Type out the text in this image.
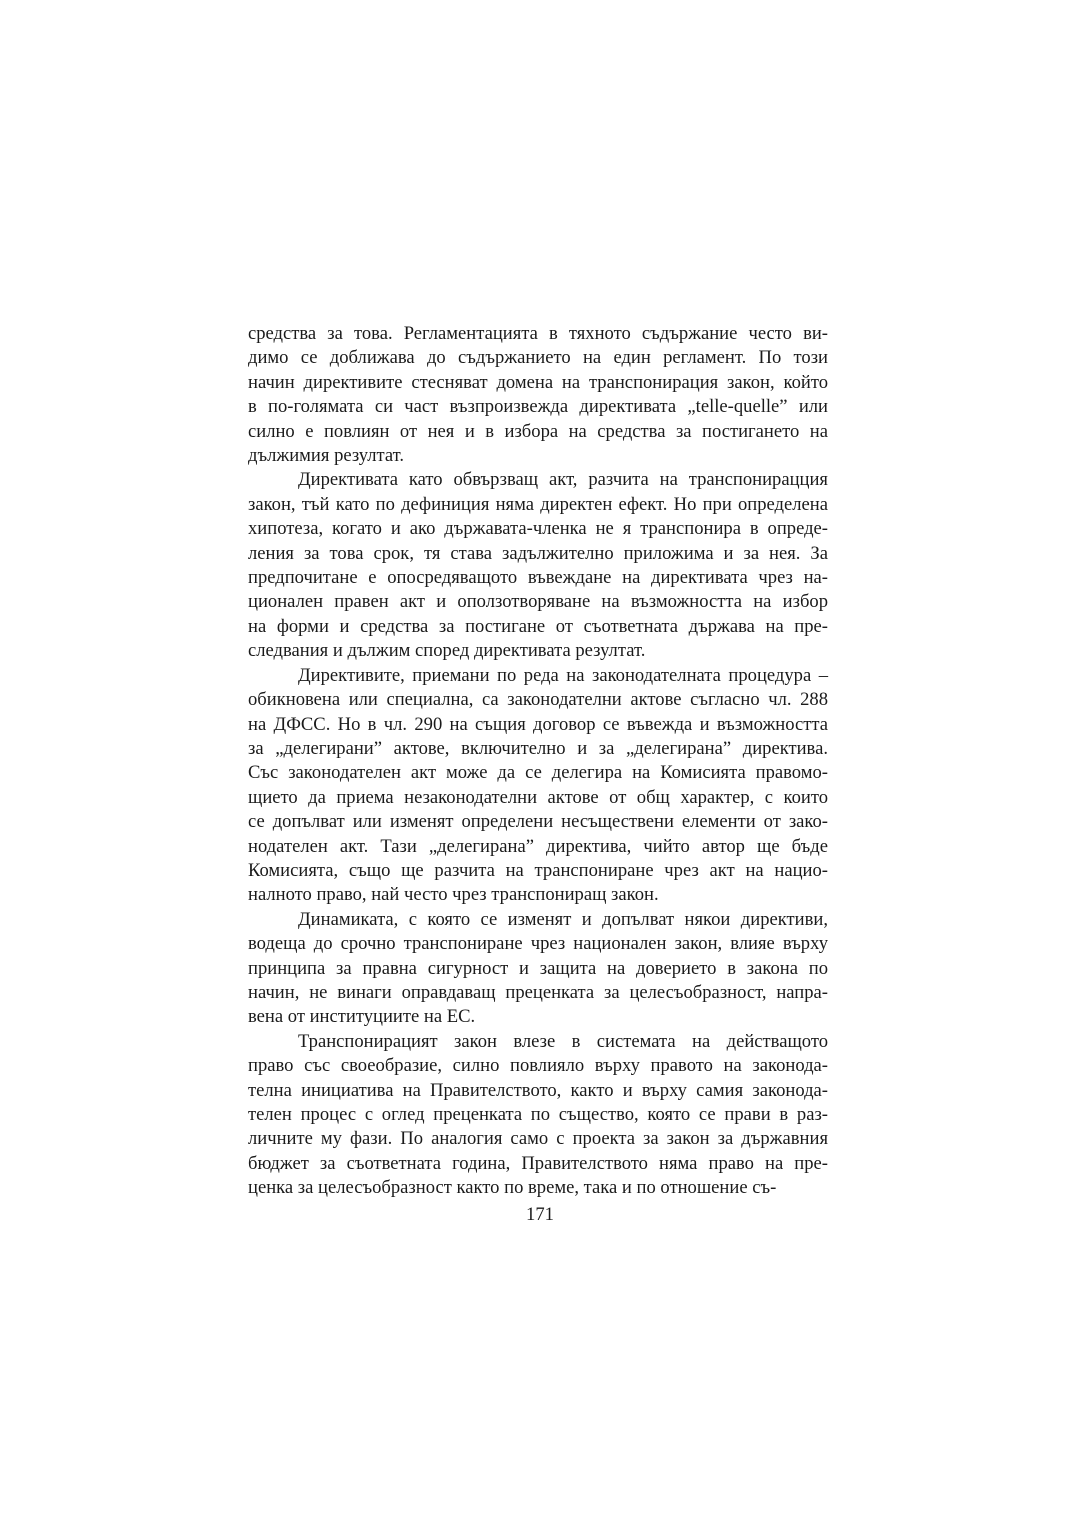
средства за това. Регламентацията в тяхното съдържание често ви-
димо се доближава до съдържанието на един регламент. По този
начин директивите стесняват домена на транспонирация закон, който
в по-голямата си част възпроизвежда директивата „telle-quelle” или
силно е повлиян от нея и в избора на средства за постигането на
дължимия резултат.
Директивата като обвързващ акт, разчита на транспонирацция
закон, тъй като по дефиниция няма директен ефект. Но при определена
хипотеза, когато и ако държавата-членка не я транспонира в опреде-
ления за това срок, тя става задължително приложима и за нея. За
предпочитане е опосредяващото въвеждане на директивата чрез на-
ционален правен акт и оползотворяване на възможността на избор
на форми и средства за постигане от съответната държава на пре-
следвания и дължим според директивата резултат.
Директивите, приемани по реда на законодателната процедура –
обикновена или специална, са законодателни актове съгласно чл. 288
на ДФСС. Но в чл. 290 на същия договор се въвежда и възможността
за „делегирани” актове, включително и за „делегирана” директива.
Със законодателен акт може да се делегира на Комисията правомо-
щието да приема незаконодателни актове от общ характер, с които
се допълват или изменят определени несъществени елементи от зако-
нодателен акт. Тази „делегирана” директива, чийто автор ще бъде
Комисията, също ще разчита на транспониране чрез акт на нацио-
налното право, най често чрез транспониращ закон.
Динамиката, с която се изменят и допълват някои директиви,
водеща до срочно транспониране чрез национален закон, влияе върху
принципа за правна сигурност и защита на доверието в закона по
начин, не винаги оправдаващ преценката за целесъобразност, напра-
вена от институциите на ЕС.
Транспонирацият закон влезе в системата на действащото
право със своеобразие, силно повлияло върху правото на законода-
телна инициатива на Правителството, както и върху самия законода-
телен процес с оглед преценката по същество, която се прави в раз-
личните му фази. По аналогия само с проекта за закон за държавния
бюджет за съответната година, Правителството няма право на пре-
ценка за целесъобразност както по време, така и по отношение съ-
171
